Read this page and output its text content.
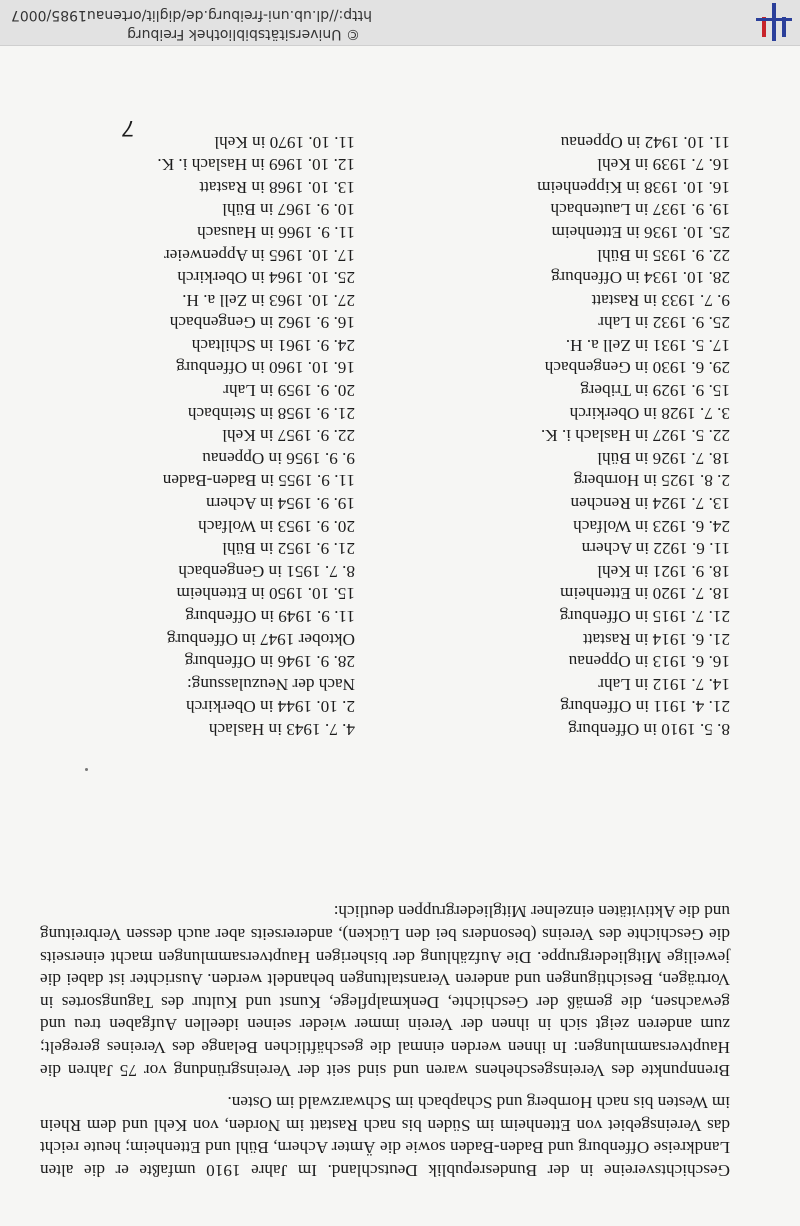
Geschichtsvereine in der Bundesrepublik Deutschland. Im Jahre 1910 umfaßte er die alten Landkreise Offenburg und Baden-Baden sowie die Ämter Achern, Bühl und Ettenheim; heute reicht das Vereinsgebiet von Ettenheim im Süden bis nach Rastatt im Norden, von Kehl und dem Rhein im Westen bis nach Hornberg und Schapbach im Schwarzwald im Osten.

Brennpunkte des Vereinsgeschehens waren und sind seit der Vereinsgründung vor 75 Jahren die Hauptversammlungen: In ihnen werden einmal die geschäftlichen Belange des Vereines geregelt; zum anderen zeigt sich in ihnen der Verein immer wieder seinen ideellen Aufgaben treu und gewachsen, die gemäß der Geschichte, Denkmalpflege, Kunst und Kultur des Tagungsortes in Vorträgen, Besichtigungen und anderen Veranstaltungen behandelt werden. Ausrichter ist dabei die jeweilige Mitgliedergruppe. Die Aufzählung der bisherigen Hauptversammlungen macht einerseits die Geschichte des Vereins (besonders bei den Lücken), andererseits aber auch dessen Verbreitung und die Aktivitäten einzelner Mitgliedergruppen deutlich:

8. 5. 1910 in Offenburg
21. 4. 1911 in Offenburg
14. 7. 1912 in Lahr
16. 6. 1913 in Oppenau
21. 6. 1914 in Rastatt
21. 7. 1915 in Offenburg
18. 7. 1920 in Ettenheim
18. 9. 1921 in Kehl
11. 6. 1922 in Achern
24. 6. 1923 in Wolfach
13. 7. 1924 in Renchen
2. 8. 1925 in Hornberg
18. 7. 1926 in Bühl
22. 5. 1927 in Haslach i. K.
3. 7. 1928 in Oberkirch
15. 9. 1929 in Triberg
29. 6. 1930 in Gengenbach
17. 5. 1931 in Zell a. H.
25. 9. 1932 in Lahr
9. 7. 1933 in Rastatt
28. 10. 1934 in Offenburg
22. 9. 1935 in Bühl
25. 10. 1936 in Ettenheim
19. 9. 1937 in Lautenbach
16. 10. 1938 in Kippenheim
16. 7. 1939 in Kehl
11. 10. 1942 in Oppenau
4. 7. 1943 in Haslach
2. 10. 1944 in Oberkirch
Nach der Neuzulassung:
28. 9. 1946 in Offenburg
Oktober 1947 in Offenburg
11. 9. 1949 in Offenburg
15. 10. 1950 in Ettenheim
8. 7. 1951 in Gengenbach
21. 9. 1952 in Bühl
20. 9. 1953 in Wolfach
19. 9. 1954 in Achern
11. 9. 1955 in Baden-Baden
9. 9. 1956 in Oppenau
22. 9. 1957 in Kehl
21. 9. 1958 in Steinbach
20. 9. 1959 in Lahr
16. 10. 1960 in Offenburg
24. 9. 1961 in Schiltach
16. 9. 1962 in Gengenbach
27. 10. 1963 in Zell a. H.
25. 10. 1964 in Oberkirch
17. 10. 1965 in Appenweier
11. 9. 1966 in Hausach
10. 9. 1967 in Bühl
13. 10. 1968 in Rastatt
12. 10. 1969 in Haslach i. K.
11. 10. 1970 in Kehl
7
© Universitätsbibliothek Freiburg
http://dl.ub.uni-freiburg.de/diglit/ortenau1985/0007
